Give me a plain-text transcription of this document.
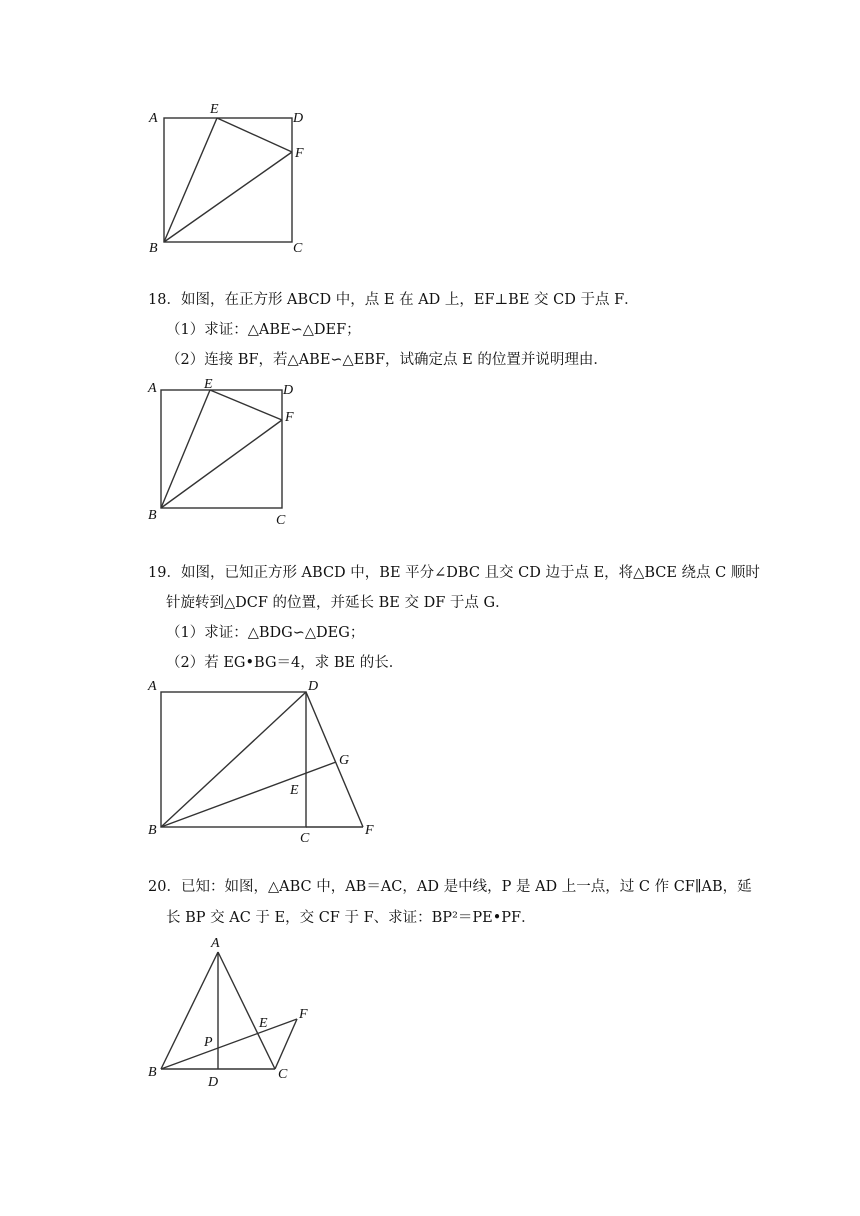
A
E
D
F
B	C
18．如图，在正方形 ABCD 中，点 E 在 AD 上，EF⊥BE 交 CD 于点 F．
（1）求证：△ABE∽△DEF；
（2）连接 BF，若△ABE∽△EBF，试确定点 E 的位置并说明理由．
A	E	D
F
B	C
19．如图，已知正方形 ABCD 中，BE 平分∠DBC 且交 CD 边于点 E，将△BCE 绕点 C 顺时
针旋转到△DCF 的位置，并延长 BE 交 DF 于点 G．
（1）求证：△BDG∽△DEG；
（2）若 EG•BG＝4，求 BE 的长．
A	D
G
E
B
C
F
20．已知：如图，△ABC 中，AB＝AC，AD 是中线，P 是 AD 上一点，过 C 作 CF∥AB，延
长 BP 交 AC 于 E，交 CF 于 F、求证：BP²＝PE•PF．
A
E
F
P
B
D
C
